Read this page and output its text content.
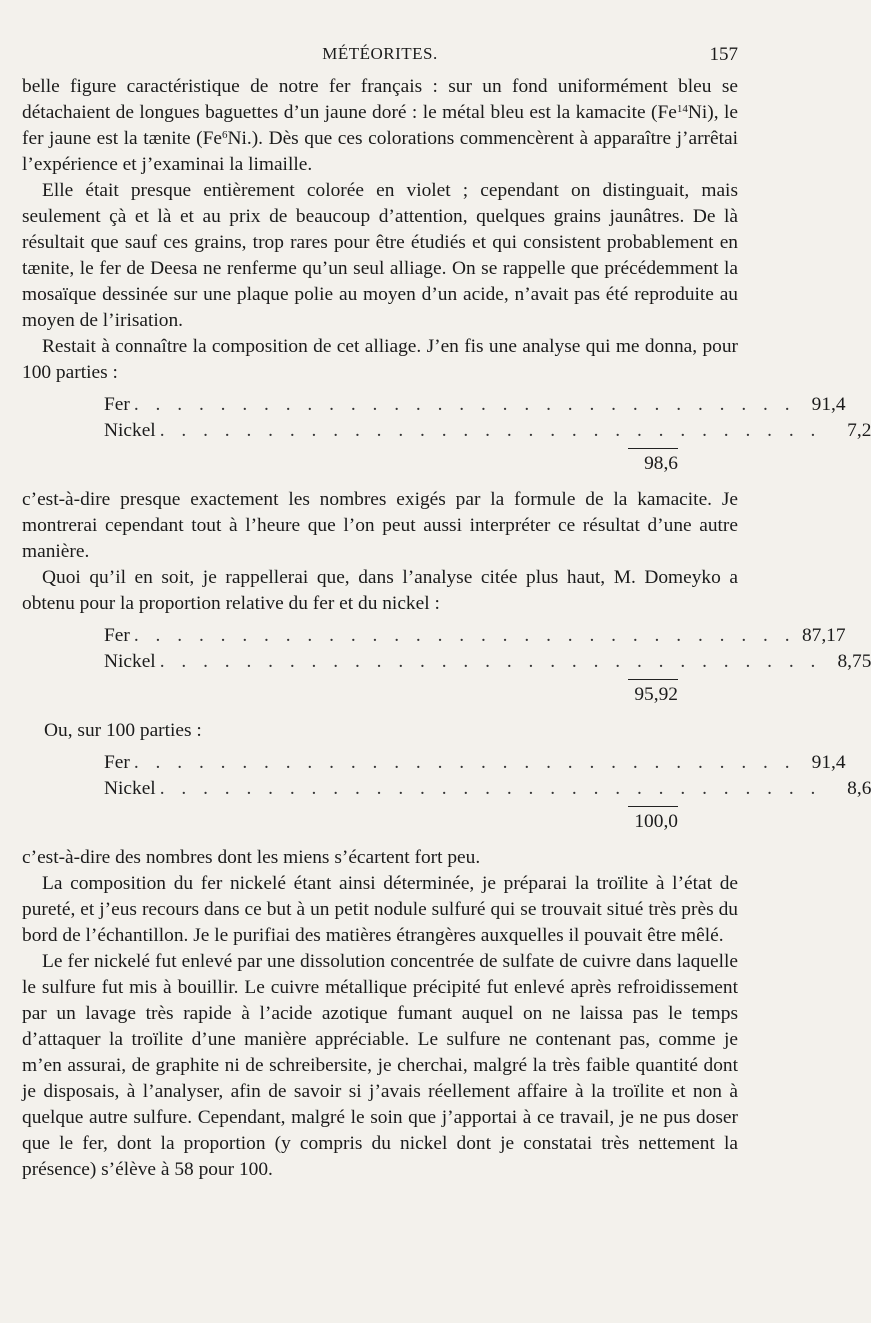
MÉTÉORITES.	157

belle figure caractéristique de notre fer français : sur un fond uniformément bleu se détachaient de longues baguettes d’un jaune doré : le métal bleu est la kamacite (Fe$^{14}$Ni), le fer jaune est la tænite (Fe$^6$Ni.). Dès que ces colorations commencèrent à apparaître j’arrêtai l’expérience et j’examinai la limaille.

Elle était presque entièrement colorée en violet ; cependant on distinguait, mais seulement çà et là et au prix de beaucoup d’attention, quelques grains jaunâtres. De là résultait que sauf ces grains, trop rares pour être étudiés et qui consistent probablement en tænite, le fer de Deesa ne renferme qu’un seul alliage. On se rappelle que précédemment la mosaïque dessinée sur une plaque polie au moyen d’un acide, n’avait pas été reproduite au moyen de l’irisation.

Restait à connaître la composition de cet alliage. J’en fis une analyse qui me donna, pour 100 parties :

Fer . . . . . . . . . . . . . . . . . . . . . . . . . . . . . . . 91,4
Nickel . . . . . . . . . . . . . . . . . . . . . . . . . . . . . . .	7,2
98,6

c’est-à-dire presque exactement les nombres exigés par la formule de la kamacite. Je montrerai cependant tout à l’heure que l’on peut aussi interpréter ce résultat d’une autre manière.

Quoi qu’il en soit, je rappellerai que, dans l’analyse citée plus haut, M. Domeyko a obtenu pour la proportion relative du fer et du nickel :

Fer . . . . . . . . . . . . . . . . . . . . . . . . . . . . . . . 87,17
Nickel . . . . . . . . . . . . . . . . . . . . . . . . . . . . . . . 8,75
95,92

Ou, sur 100 parties :

Fer . . . . . . . . . . . . . . . . . . . . . . . . . . . . . . . 91,4
Nickel . . . . . . . . . . . . . . . . . . . . . . . . . . . . . . .	8,6
100,0

c’est-à-dire des nombres dont les miens s’écartent fort peu.

La composition du fer nickelé étant ainsi déterminée, je préparai la troïlite à l’état de pureté, et j’eus recours dans ce but à un petit nodule sulfuré qui se trouvait situé très près du bord de l’échantillon. Je le purifiai des matières étrangères auxquelles il pouvait être mêlé.

Le fer nickelé fut enlevé par une dissolution concentrée de sulfate de cuivre dans laquelle le sulfure fut mis à bouillir. Le cuivre métallique précipité fut enlevé après refroidissement par un lavage très rapide à l’acide azotique fumant auquel on ne laissa pas le temps d’attaquer la troïlite d’une manière appréciable. Le sulfure ne contenant pas, comme je m’en assurai, de graphite ni de schreibersite, je cherchai, malgré la très faible quantité dont je disposais, à l’analyser, afin de savoir si j’avais réellement affaire à la troïlite et non à quelque autre sulfure. Cependant, malgré le soin que j’apportai à ce travail, je ne pus doser que le fer, dont la proportion (y compris du nickel dont je constatai très nettement la présence) s’élève à 58 pour 100.
